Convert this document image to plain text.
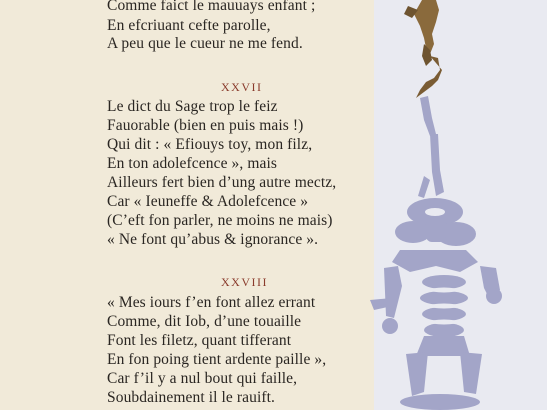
Comme faict le mauuays enfant ;
En efcriuant cefte parolle,
A peu que le cueur ne me fend.
XXVII
Le dict du Sage trop le feiz
Fauorable (bien en puis mais !)
Qui dit : « Efiouys toy, mon filz,
En ton adolefcence », mais
Ailleurs fert bien d’ung autre mectz,
Car « Ieuneffe & Adolefcence »
(C’eft fon parler, ne moins ne mais)
« Ne font qu’abus & ignorance ».
XXVIII
« Mes iours f’en font allez errant
Comme, dit Iob, d’une touaille
Font les filetz, quant tifferant
En fon poing tient ardente paille »,
Car f’il y a nul bout qui faille,
Soubdainement il le rauift.
